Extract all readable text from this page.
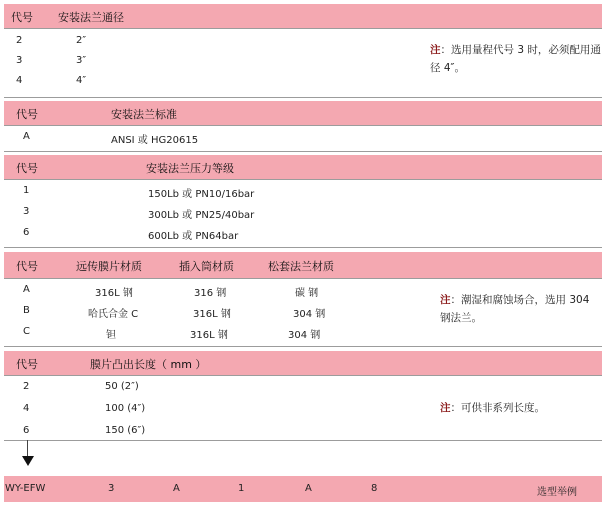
代号 安装法兰通径
2	2″
3	3″
4	4″
注：选用量程代号 3 时，必须配用通径 4″。
代号	安装法兰标准
A	ANSI 或 HG20615
代号	安装法兰压力等级
1	150Lb 或 PN10/16bar
3	300Lb 或 PN25/40bar
6	600Lb 或 PN64bar
代号	远传膜片材质	插入筒材质	松套法兰材质
A	316L 钢	316 钢	碳 钢
B	哈氏合金 C	316L 钢	304 钢
C	钽	316L 钢	304 钢
注：潮湿和腐蚀场合，选用 304 钢法兰。
代号	膜片凸出长度（ mm ）
2	50 (2″)
4	100 (4″)
6	150 (6″)
注：可供非系列长度。
WY-EFW	3	A	1	A	8	选型举例
